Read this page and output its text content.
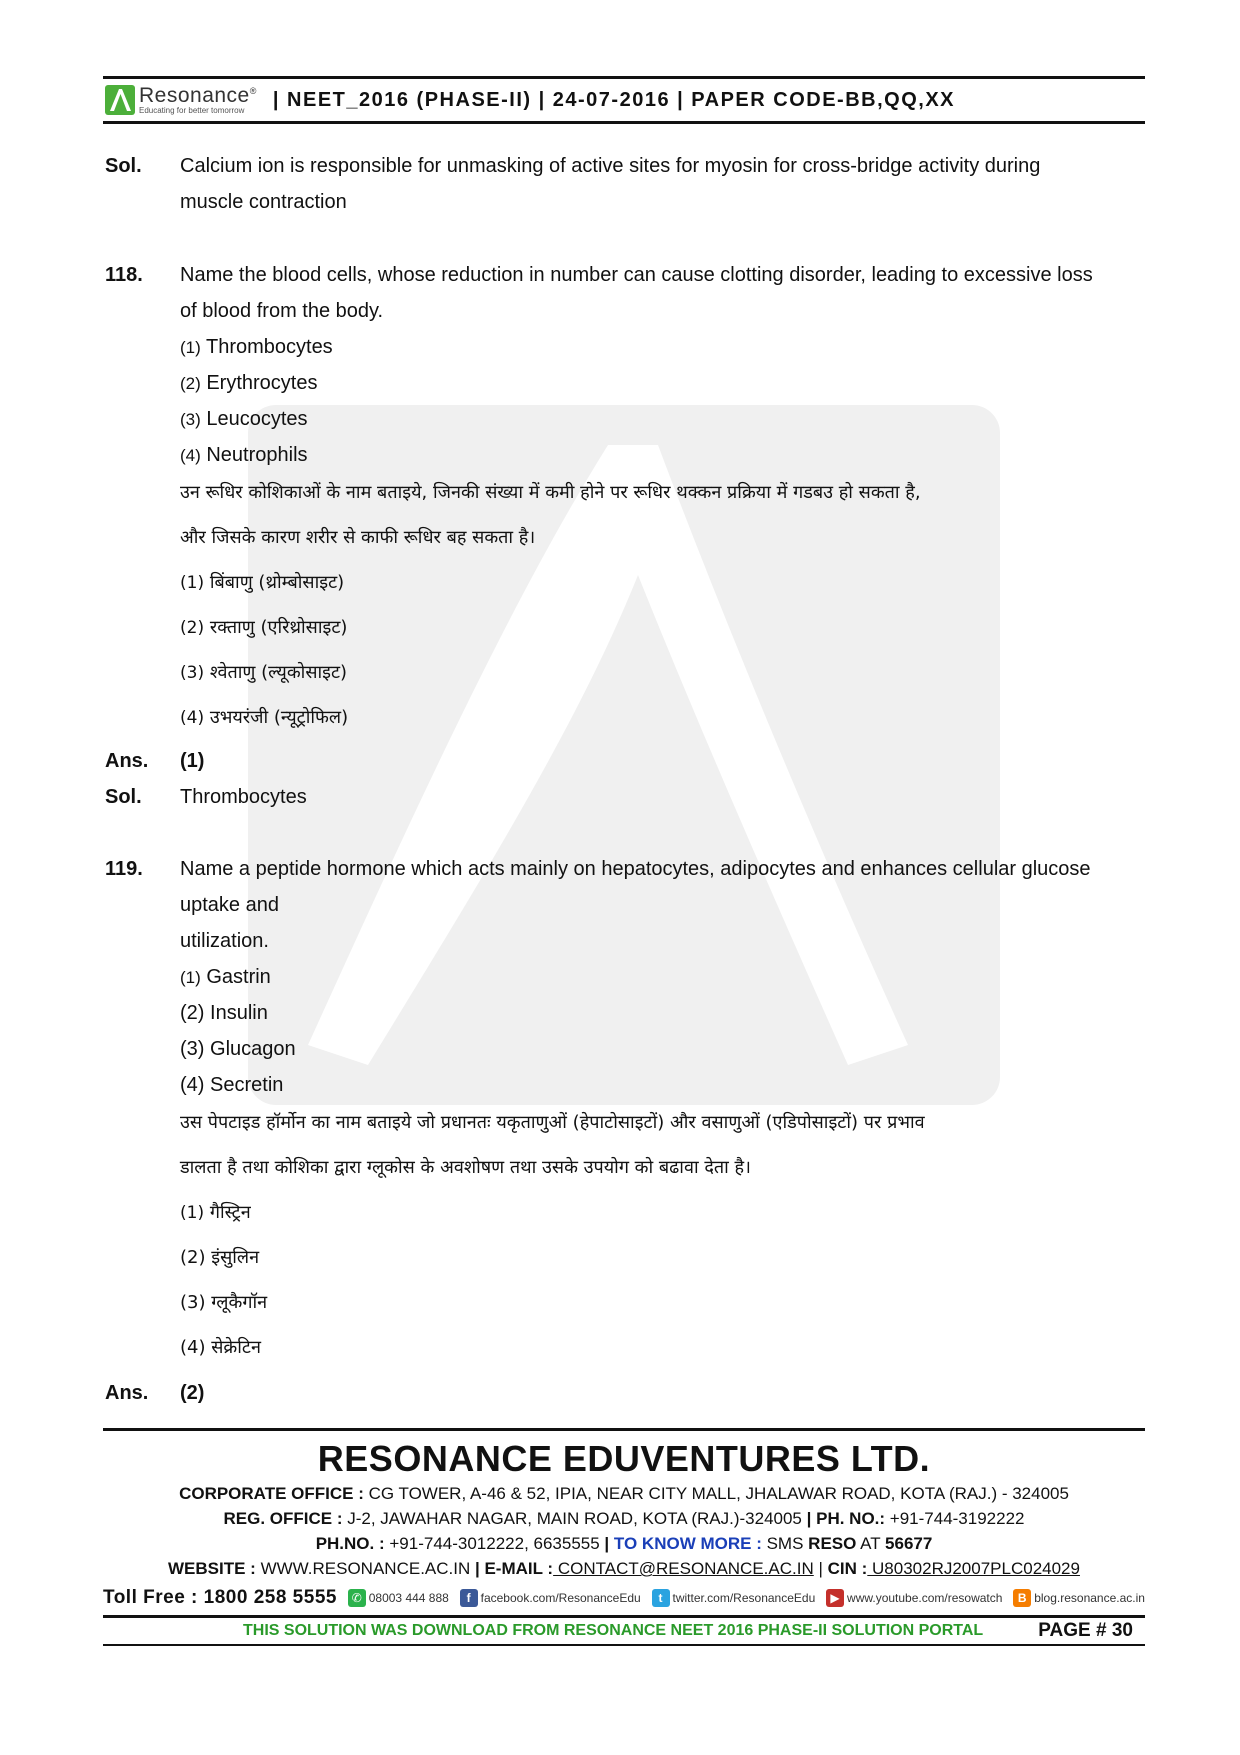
Resonance®
Educating for better tomorrow	| NEET_2016 (PHASE-II) | 24-07-2016 | PAPER CODE-BB,QQ,XX
Sol. Calcium ion is responsible for unmasking of active sites for myosin for cross-bridge activity during
muscle contraction
118. Name the blood cells, whose reduction in number can cause clotting disorder, leading to excessive loss
of blood from the body.
(1) Thrombocytes
(2) Erythrocytes
(3) Leucocytes
(4) Neutrophils
उन रूधिर कोशिकाओं के नाम बताइये, जिनकी संख्या में कमी होने पर रूधिर थक्कन प्रक्रिया में गडबउ हो सकता है,
और जिसके कारण शरीर से काफी रूधिर बह सकता है।
(1) बिंबाणु (थ्रोम्बोसाइट)
(2) रक्ताणु (एरिथ्रोसाइट)
(3) श्वेताणु (ल्यूकोसाइट)
(4) उभयरंजी (न्यूट्रोफिल)
Ans. (1)
Sol. Thrombocytes
119. Name a peptide hormone which acts mainly on hepatocytes, adipocytes and enhances cellular glucose
uptake and
utilization.
(1) Gastrin
(2) Insulin
(3) Glucagon
(4) Secretin
उस पेपटाइड हॉर्मोन का नाम बताइये जो प्रधानतः यकृताणुओं (हेपाटोसाइटों) और वसाणुओं (एडिपोसाइटों) पर प्रभाव
डालता है तथा कोशिका द्वारा ग्लूकोस के अवशोषण तथा उसके उपयोग को बढावा देता है।
(1) गैस्ट्रिन
(2) इंसुलिन
(3) ग्लूकैगॉन
(4) सेक्रेटिन
Ans. (2)
RESONANCE EDUVENTURES LTD.
CORPORATE OFFICE : CG TOWER, A-46 & 52, IPIA, NEAR CITY MALL, JHALAWAR ROAD, KOTA (RAJ.) - 324005
REG. OFFICE : J-2, JAWAHAR NAGAR, MAIN ROAD, KOTA (RAJ.)-324005 | PH. NO.: +91-744-3192222
PH.NO. : +91-744-3012222, 6635555 | TO KNOW MORE : SMS RESO AT 56677
WEBSITE : WWW.RESONANCE.AC.IN | E-MAIL : CONTACT@RESONANCE.AC.IN | CIN : U80302RJ2007PLC024029
Toll Free : 1800 258 5555	✆ 08003 444 888	f facebook.com/ResonanceEdu	t twitter.com/ResonanceEdu	▶ www.youtube.com/resowatch	B blog.resonance.ac.in
THIS SOLUTION WAS DOWNLOAD FROM RESONANCE NEET 2016 PHASE-II SOLUTION PORTAL	PAGE # 30
